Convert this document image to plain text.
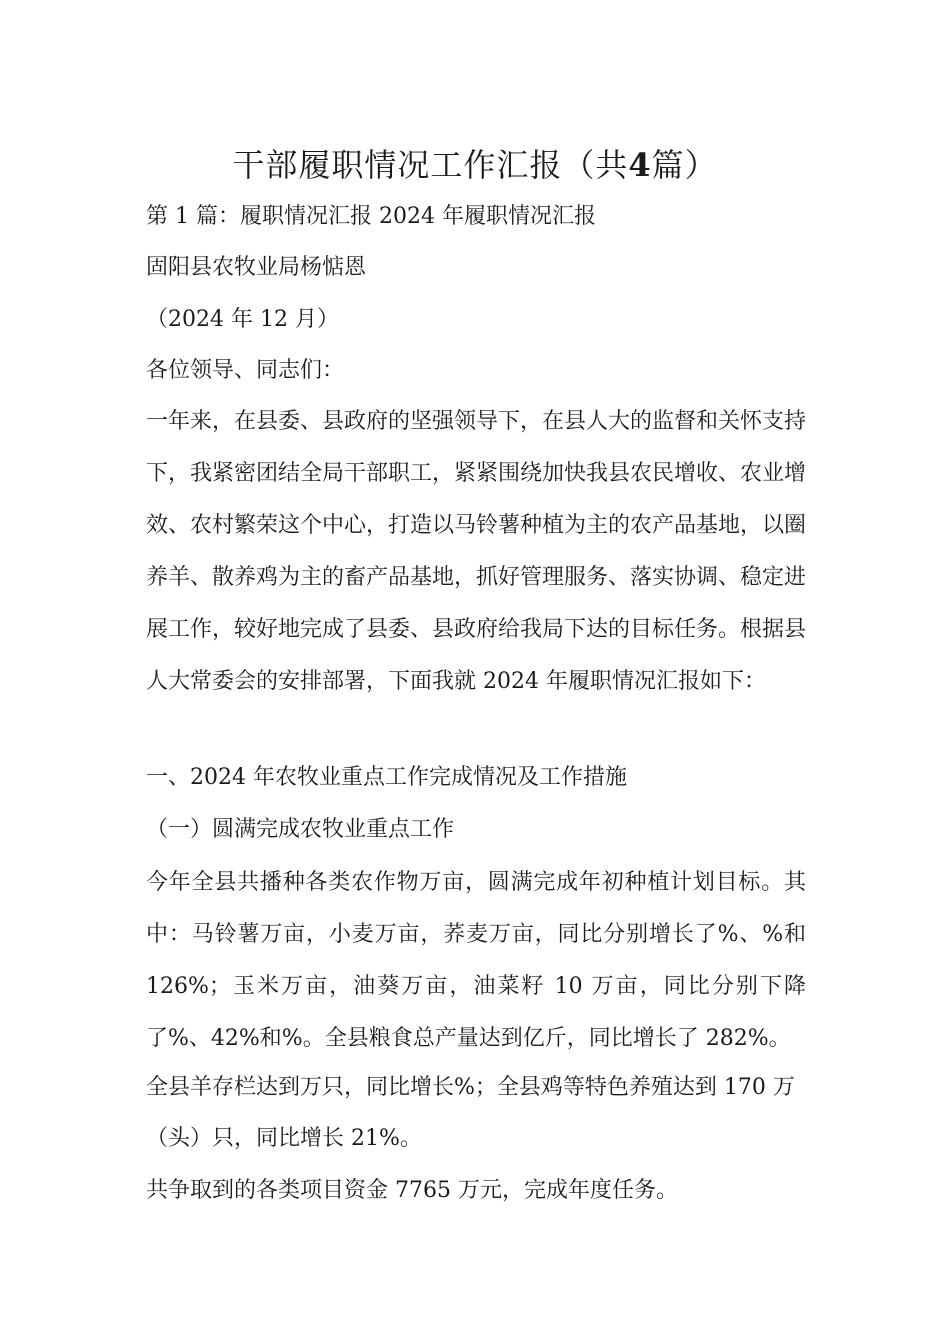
干部履职情况工作汇报（共4篇）

第 1 篇：履职情况汇报 2024 年履职情况汇报

固阳县农牧业局杨惦恩

（2024 年 12 月）

各位领导、同志们：

一年来，在县委、县政府的坚强领导下，在县人大的监督和关怀支持下，我紧密团结全局干部职工，紧紧围绕加快我县农民增收、农业增效、农村繁荣这个中心，打造以马铃薯种植为主的农产品基地，以圈养羊、散养鸡为主的畜产品基地，抓好管理服务、落实协调、稳定进展工作，较好地完成了县委、县政府给我局下达的目标任务。根据县人大常委会的安排部署，下面我就 2024 年履职情况汇报如下：

一、2024 年农牧业重点工作完成情况及工作措施

（一）圆满完成农牧业重点工作

今年全县共播种各类农作物万亩，圆满完成年初种植计划目标。其中：马铃薯万亩，小麦万亩，荞麦万亩，同比分别增长了%、%和 126%；玉米万亩，油葵万亩，油菜籽 10 万亩，同比分别下降了%、42%和%。全县粮食总产量达到亿斤，同比增长了 282%。

全县羊存栏达到万只，同比增长%；全县鸡等特色养殖达到 170 万

（头）只，同比增长 21%。

共争取到的各类项目资金 7765 万元，完成年度任务。
